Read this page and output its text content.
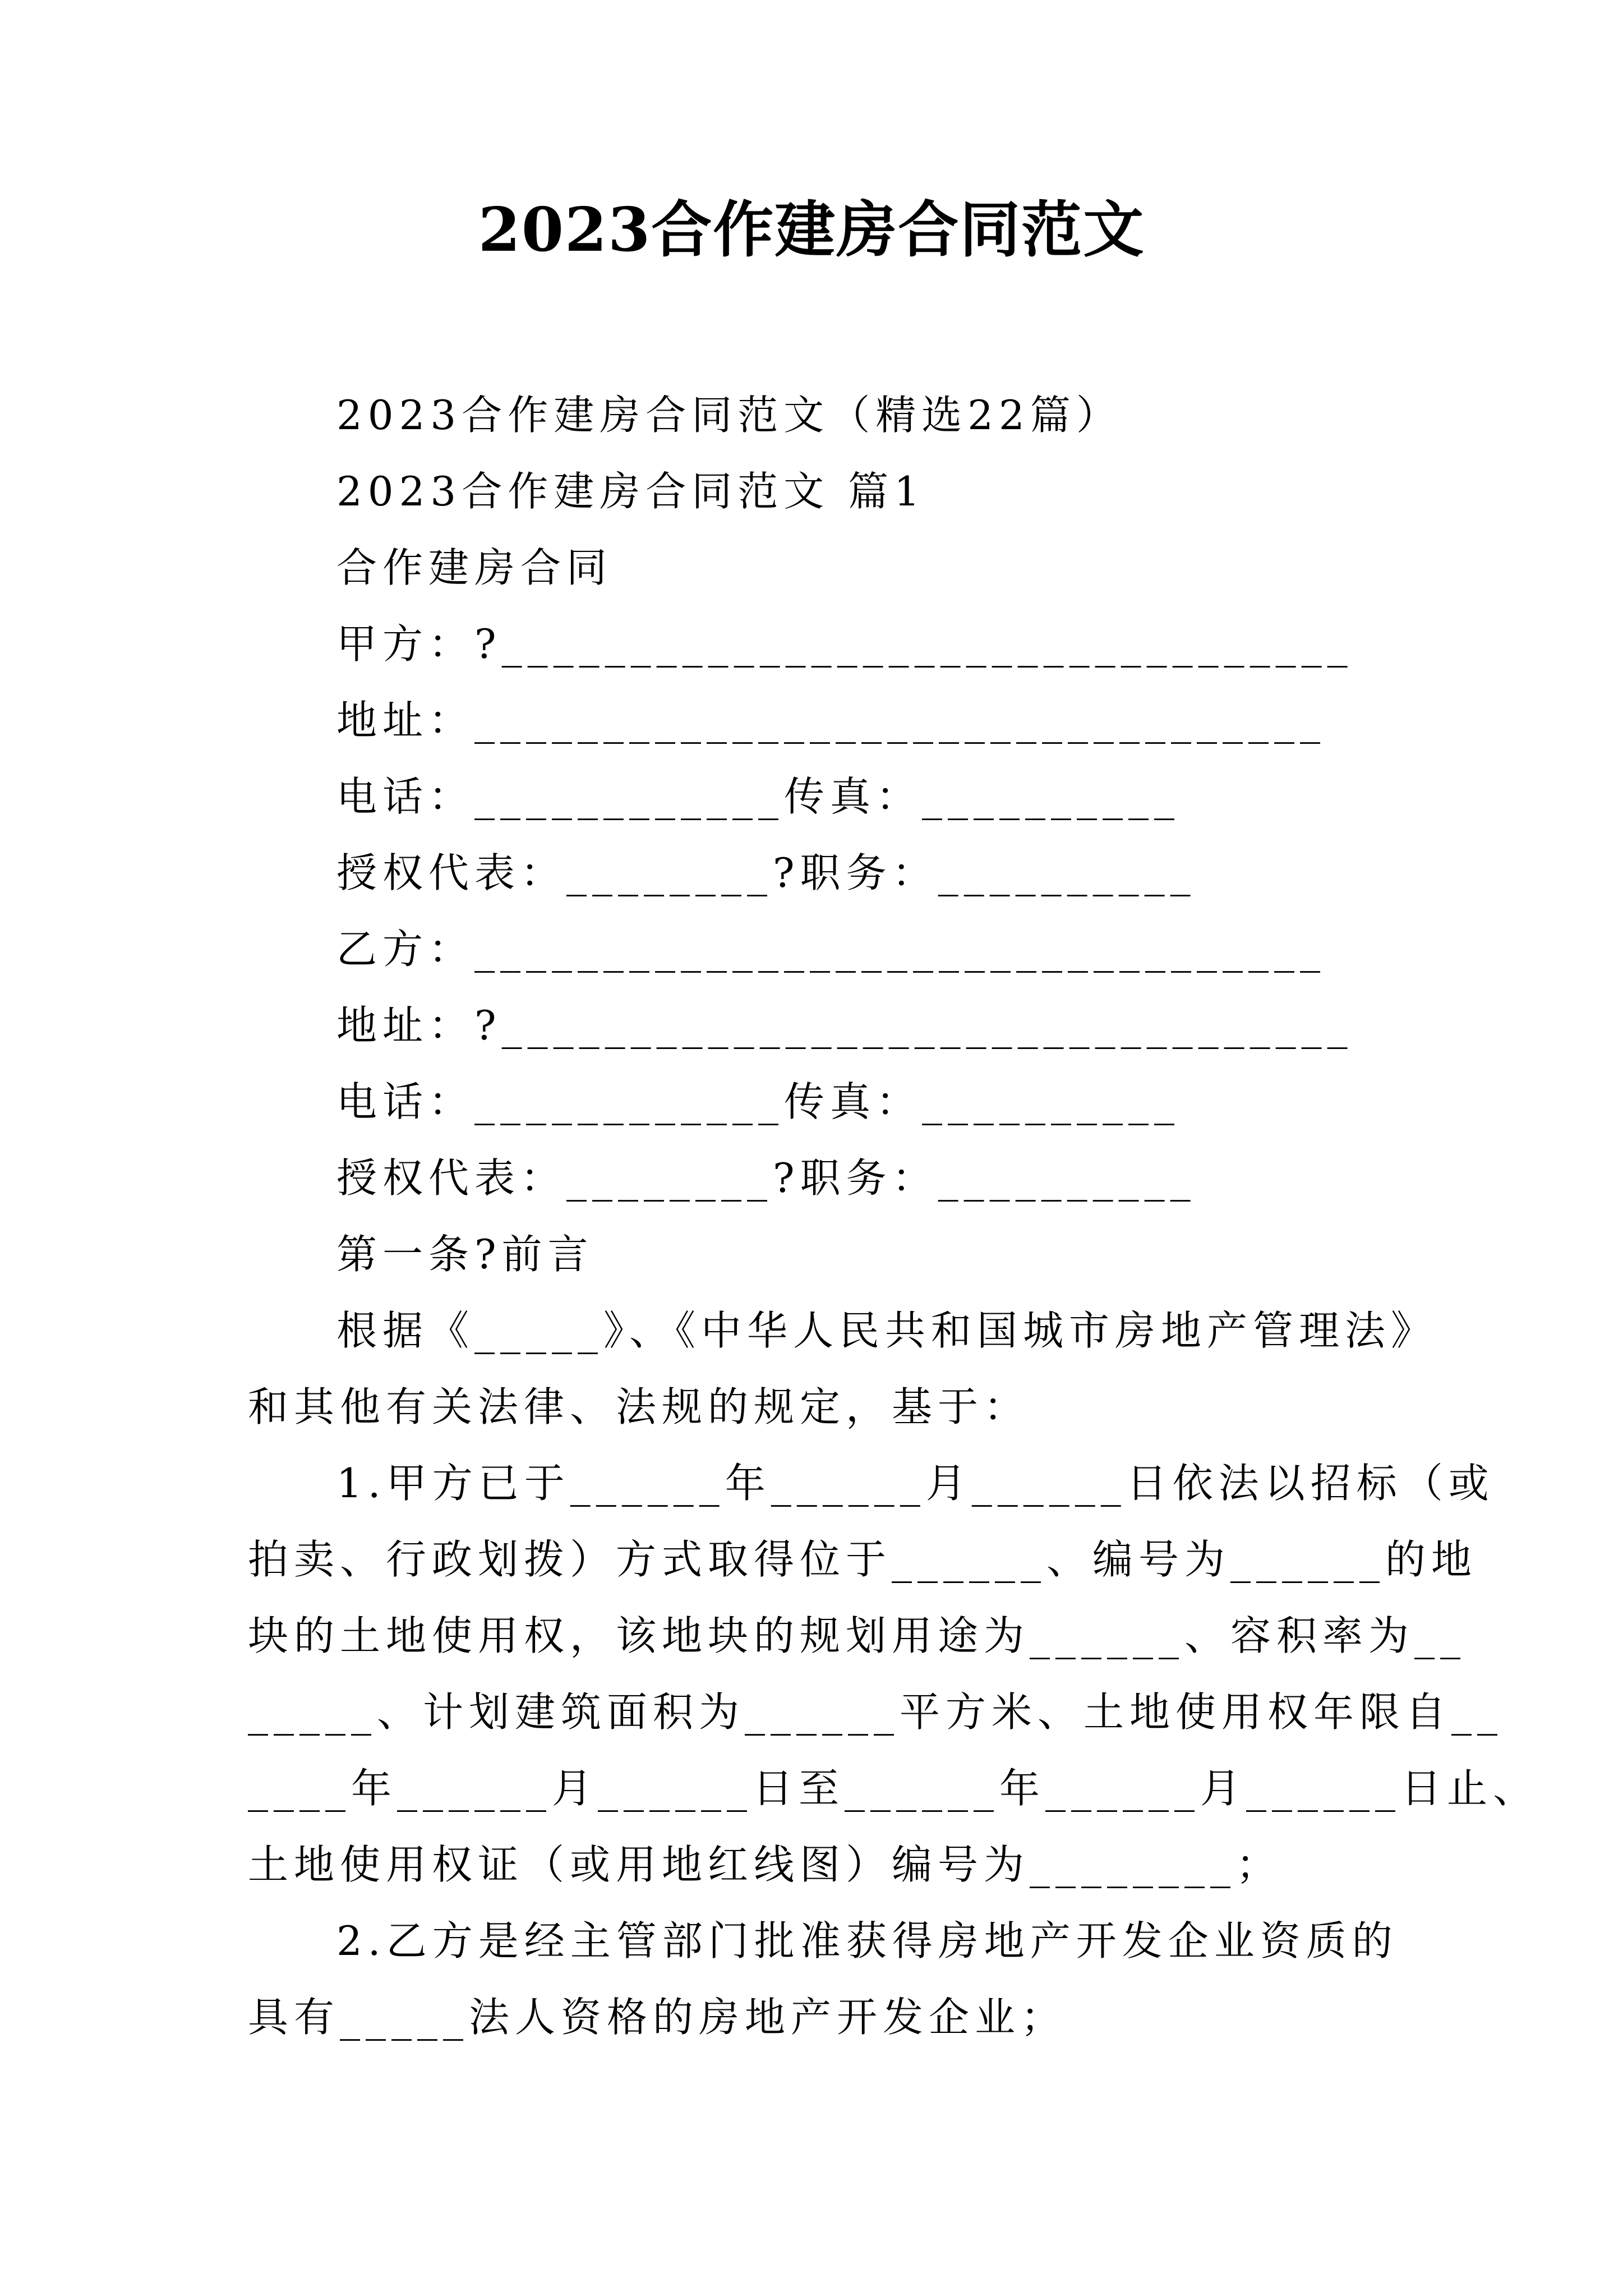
2023合作建房合同范文
2023合作建房合同范文（精选22篇）
2023合作建房合同范文 篇1
合作建房合同
甲方：?_________________________________
地址：_________________________________
电话：____________传真：__________
授权代表：________?职务：__________
乙方：_________________________________
地址：?_________________________________
电话：____________传真：__________
授权代表：________?职务：__________
第一条?前言
根据《_____》、《中华人民共和国城市房地产管理法》
和其他有关法律、法规的规定，基于：
1.甲方已于______年______月______日依法以招标（或
拍卖、行政划拨）方式取得位于______、编号为______的地
块的土地使用权，该地块的规划用途为______、容积率为__
_____、计划建筑面积为______平方米、土地使用权年限自__
____年______月______日至______年______月______日止、
土地使用权证（或用地红线图）编号为________；
2.乙方是经主管部门批准获得房地产开发企业资质的
具有_____法人资格的房地产开发企业；
